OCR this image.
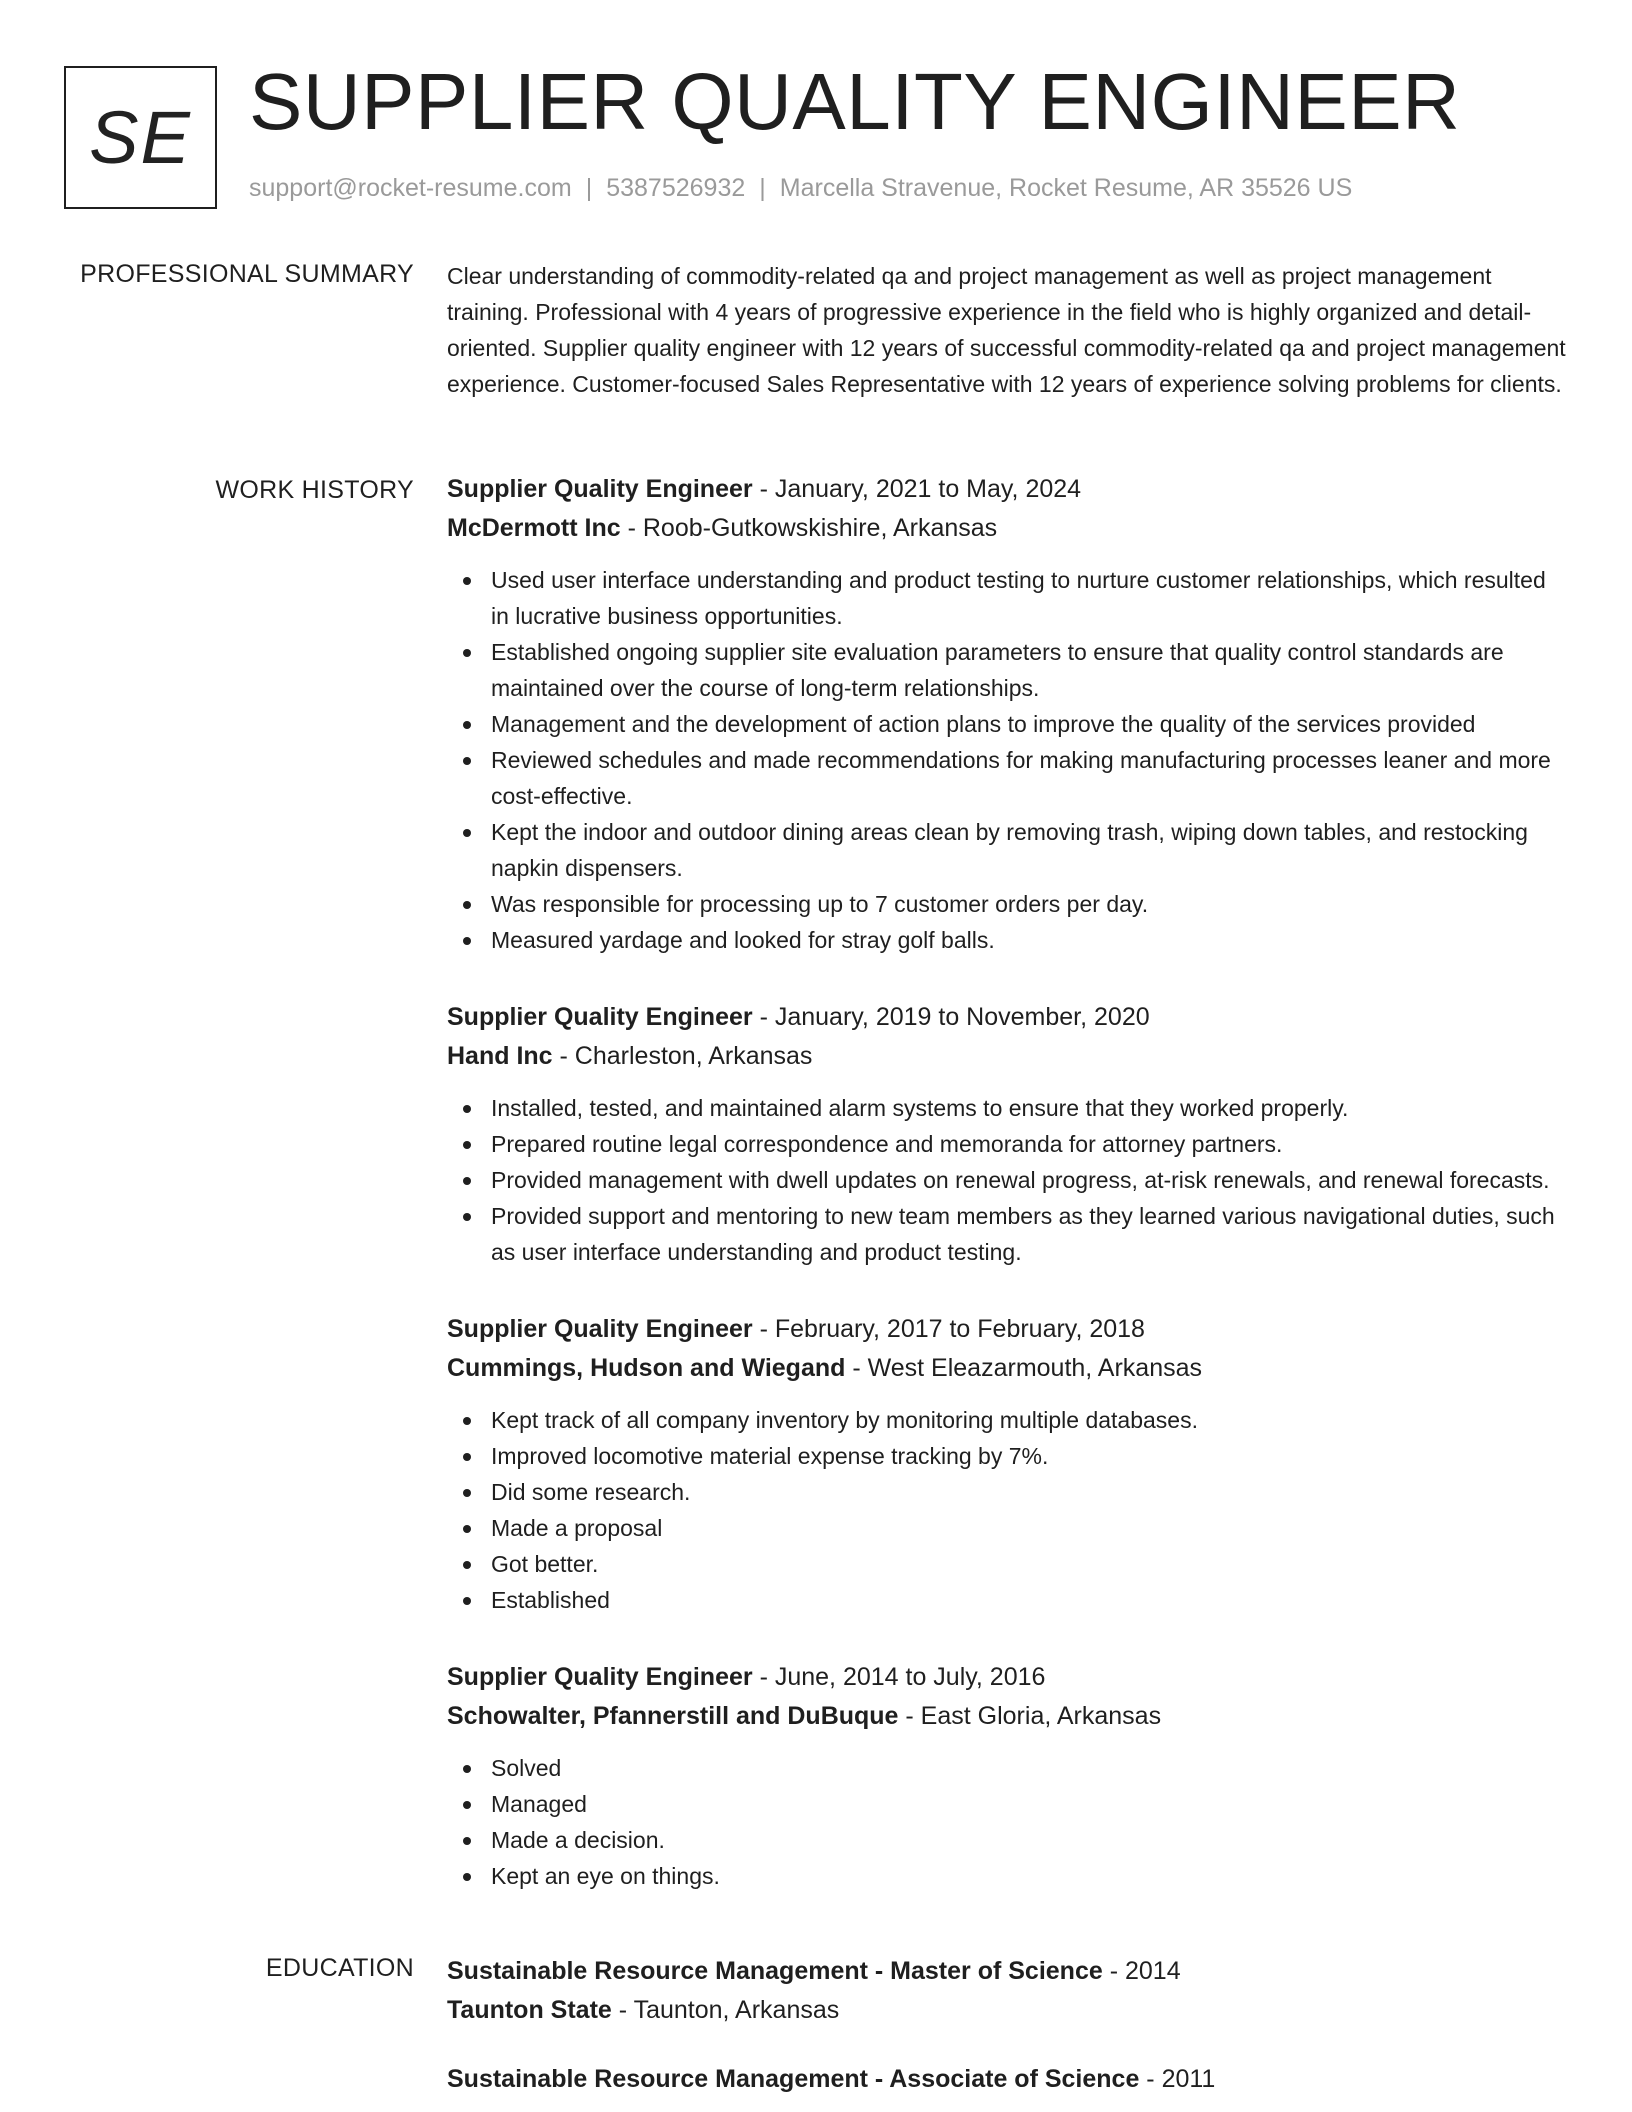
SE SUPPLIER QUALITY ENGINEER
support@rocket-resume.com | 5387526932 | Marcella Stravenue, Rocket Resume, AR 35526 US
PROFESSIONAL SUMMARY Clear understanding of commodity-related qa and project management as well as project management training. Professional with 4 years of progressive experience in the field who is highly organized and detail-oriented. Supplier quality engineer with 12 years of successful commodity-related qa and project management experience. Customer-focused Sales Representative with 12 years of experience solving problems for clients.

WORK HISTORY Supplier Quality Engineer - January, 2021 to May, 2024
McDermott Inc - Roob-Gutkowskishire, Arkansas
Used user interface understanding and product testing to nurture customer relationships, which resulted in lucrative business opportunities.
Established ongoing supplier site evaluation parameters to ensure that quality control standards are maintained over the course of long-term relationships.
Management and the development of action plans to improve the quality of the services provided
Reviewed schedules and made recommendations for making manufacturing processes leaner and more cost-effective.
Kept the indoor and outdoor dining areas clean by removing trash, wiping down tables, and restocking napkin dispensers.
Was responsible for processing up to 7 customer orders per day.
Measured yardage and looked for stray golf balls.
Supplier Quality Engineer - January, 2019 to November, 2020
Hand Inc - Charleston, Arkansas
Installed, tested, and maintained alarm systems to ensure that they worked properly.
Prepared routine legal correspondence and memoranda for attorney partners.
Provided management with dwell updates on renewal progress, at-risk renewals, and renewal forecasts.
Provided support and mentoring to new team members as they learned various navigational duties, such as user interface understanding and product testing.
Supplier Quality Engineer - February, 2017 to February, 2018
Cummings, Hudson and Wiegand - West Eleazarmouth, Arkansas
Kept track of all company inventory by monitoring multiple databases.
Improved locomotive material expense tracking by 7%.
Did some research.
Made a proposal
Got better.
Established
Supplier Quality Engineer - June, 2014 to July, 2016
Schowalter, Pfannerstill and DuBuque - East Gloria, Arkansas
Solved
Managed
Made a decision.
Kept an eye on things.
EDUCATION Sustainable Resource Management - Master of Science - 2014
Taunton State - Taunton, Arkansas
Sustainable Resource Management - Associate of Science - 2011
